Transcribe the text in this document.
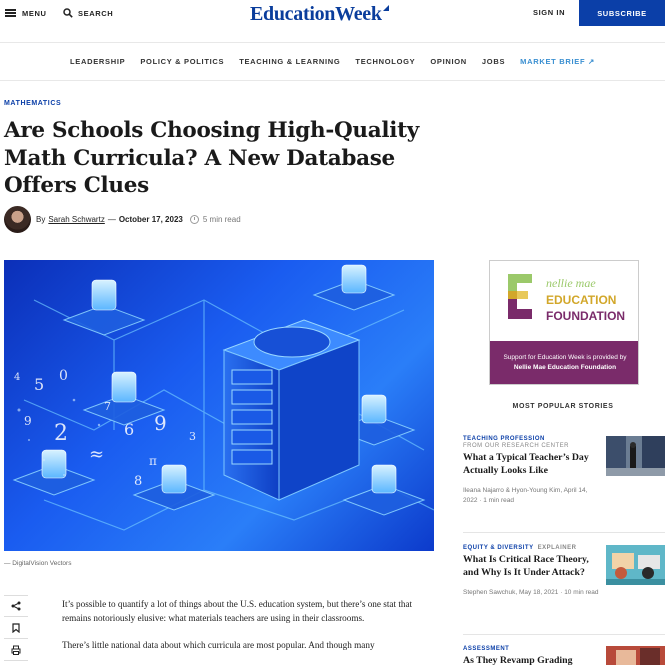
MENU	SEARCH	EducationWeek	SIGN IN	SUBSCRIBE
LEADERSHIP POLICY & POLITICS TEACHING & LEARNING TECHNOLOGY OPINION JOBS MARKET BRIEF ↗
MATHEMATICS
Are Schools Choosing High-Quality Math Curricula? A New Database Offers Clues
By Sarah Schwartz — October 17, 2023	5 min read
5 0
2
9	6 9
≈
8
3
π
7
4
— DigitalVision Vectors

It’s possible to quantify a lot of things about the U.S. education system, but there’s one stat that remains notoriously elusive: what materials teachers are using in their classrooms.

There’s little national data about which curricula are most popular. And though many

nellie mae
EDUCATION
FOUNDATION
Support for Education Week is provided by
Nellie Mae Education Foundation
MOST POPULAR STORIES
TEACHING PROFESSION
FROM OUR RESEARCH CENTER
What a Typical Teacher’s Day Actually Looks Like
Ileana Najarro & Hyon-Young Kim, April 14, 2022 · 1 min read
EQUITY & DIVERSITY EXPLAINER
What Is Critical Race Theory, and Why Is It Under Attack?
Stephen Sawchuk, May 18, 2021 · 10 min read
ASSESSMENT
As They Revamp Grading
